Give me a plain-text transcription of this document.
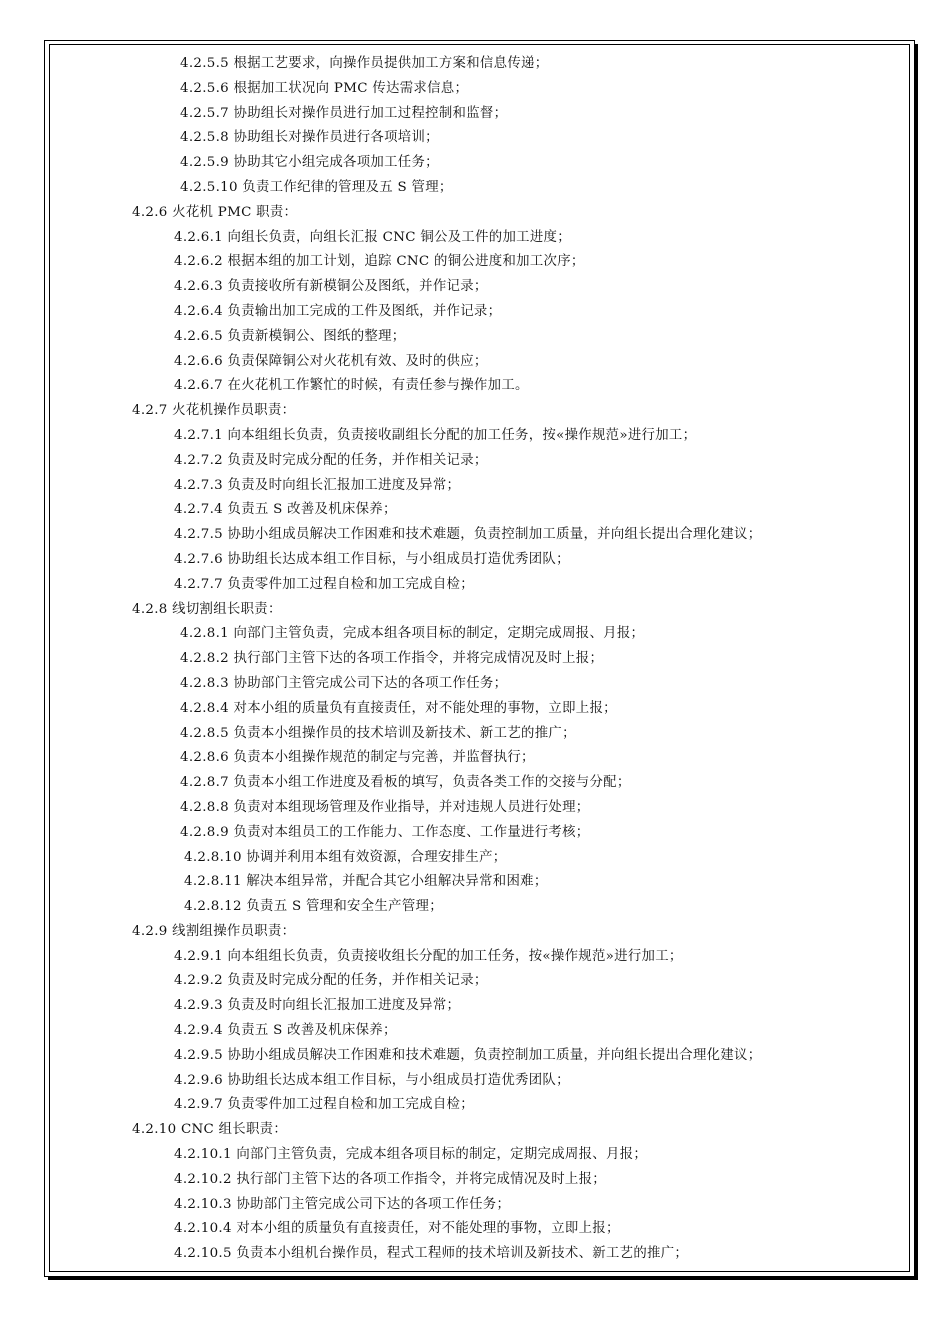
4.2.5.5 根据工艺要求，向操作员提供加工方案和信息传递；
4.2.5.6 根据加工状况向 PMC 传达需求信息；
4.2.5.7 协助组长对操作员进行加工过程控制和监督；
4.2.5.8 协助组长对操作员进行各项培训；
4.2.5.9 协助其它小组完成各项加工任务；
4.2.5.10 负责工作纪律的管理及五 S 管理；
4.2.6 火花机 PMC 职责：
4.2.6.1 向组长负责，向组长汇报 CNC 铜公及工件的加工进度；
4.2.6.2 根据本组的加工计划，追踪 CNC 的铜公进度和加工次序；
4.2.6.3 负责接收所有新模铜公及图纸，并作记录；
4.2.6.4 负责输出加工完成的工件及图纸，并作记录；
4.2.6.5 负责新模铜公、图纸的整理；
4.2.6.6 负责保障铜公对火花机有效、及时的供应；
4.2.6.7 在火花机工作繁忙的时候，有责任参与操作加工。
4.2.7 火花机操作员职责：
4.2.7.1 向本组组长负责，负责接收副组长分配的加工任务，按«操作规范»进行加工；
4.2.7.2 负责及时完成分配的任务，并作相关记录；
4.2.7.3 负责及时向组长汇报加工进度及异常；
4.2.7.4 负责五 S 改善及机床保养；
4.2.7.5 协助小组成员解决工作困难和技术难题，负责控制加工质量，并向组长提出合理化建议；
4.2.7.6 协助组长达成本组工作目标，与小组成员打造优秀团队；
4.2.7.7 负责零件加工过程自检和加工完成自检；
4.2.8 线切割组长职责：
4.2.8.1 向部门主管负责，完成本组各项目标的制定，定期完成周报、月报；
4.2.8.2 执行部门主管下达的各项工作指令，并将完成情况及时上报；
4.2.8.3 协助部门主管完成公司下达的各项工作任务；
4.2.8.4 对本小组的质量负有直接责任，对不能处理的事物，立即上报；
4.2.8.5 负责本小组操作员的技术培训及新技术、新工艺的推广；
4.2.8.6 负责本小组操作规范的制定与完善，并监督执行；
4.2.8.7 负责本小组工作进度及看板的填写，负责各类工作的交接与分配；
4.2.8.8 负责对本组现场管理及作业指导，并对违规人员进行处理；
4.2.8.9 负责对本组员工的工作能力、工作态度、工作量进行考核；
4.2.8.10 协调并利用本组有效资源，合理安排生产；
4.2.8.11 解决本组异常，并配合其它小组解决异常和困难；
4.2.8.12 负责五 S 管理和安全生产管理；
4.2.9 线割组操作员职责：
4.2.9.1 向本组组长负责，负责接收组长分配的加工任务，按«操作规范»进行加工；
4.2.9.2 负责及时完成分配的任务，并作相关记录；
4.2.9.3 负责及时向组长汇报加工进度及异常；
4.2.9.4 负责五 S 改善及机床保养；
4.2.9.5 协助小组成员解决工作困难和技术难题，负责控制加工质量，并向组长提出合理化建议；
4.2.9.6 协助组长达成本组工作目标，与小组成员打造优秀团队；
4.2.9.7 负责零件加工过程自检和加工完成自检；
4.2.10 CNC 组长职责：
4.2.10.1 向部门主管负责，完成本组各项目标的制定，定期完成周报、月报；
4.2.10.2 执行部门主管下达的各项工作指令，并将完成情况及时上报；
4.2.10.3 协助部门主管完成公司下达的各项工作任务；
4.2.10.4 对本小组的质量负有直接责任，对不能处理的事物，立即上报；
4.2.10.5 负责本小组机台操作员，程式工程师的技术培训及新技术、新工艺的推广；
